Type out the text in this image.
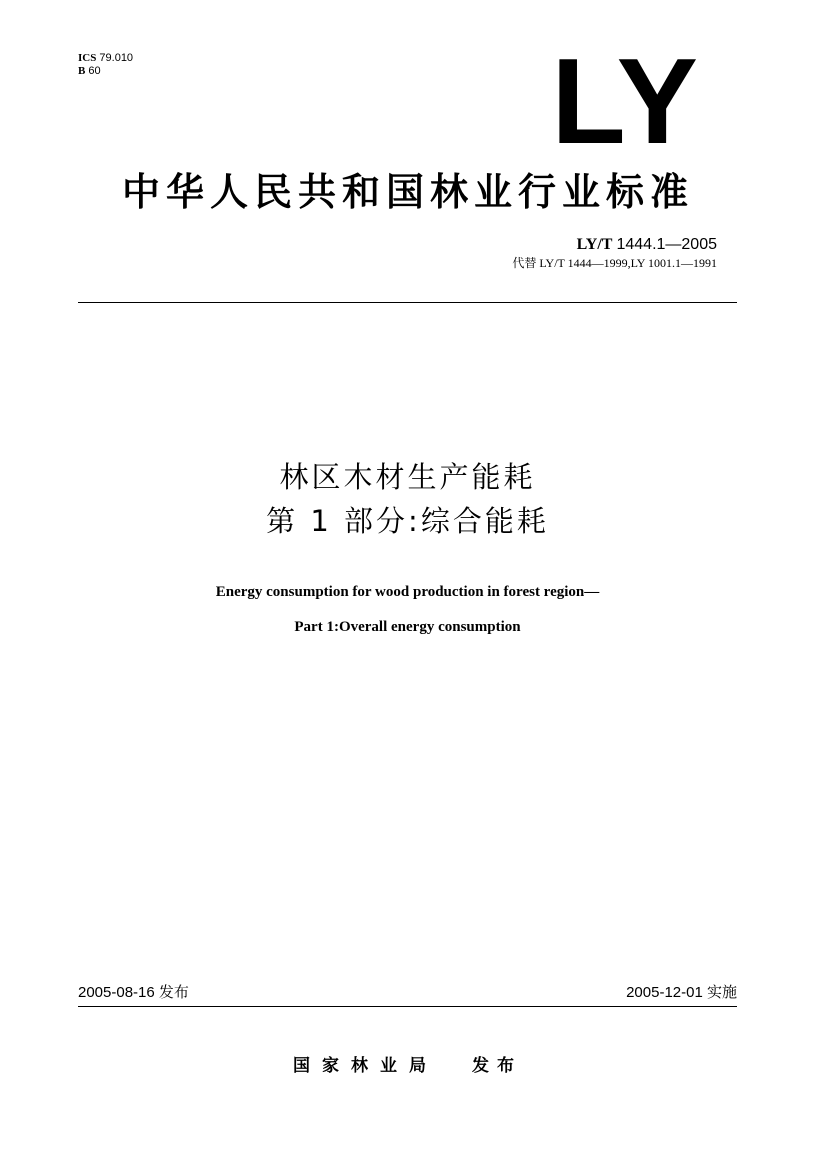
ICS 79.010
B 60	LY
中华人民共和国林业行业标准
LY/T 1444.1—2005
代替 LY/T 1444—1999,LY 1001.1—1991
林区木材生产能耗
第 1 部分:综合能耗
Energy consumption for wood production in forest region—
Part 1:Overall energy consumption
2005-08-16 发布	2005-12-01 实施
国家林业局 发布
